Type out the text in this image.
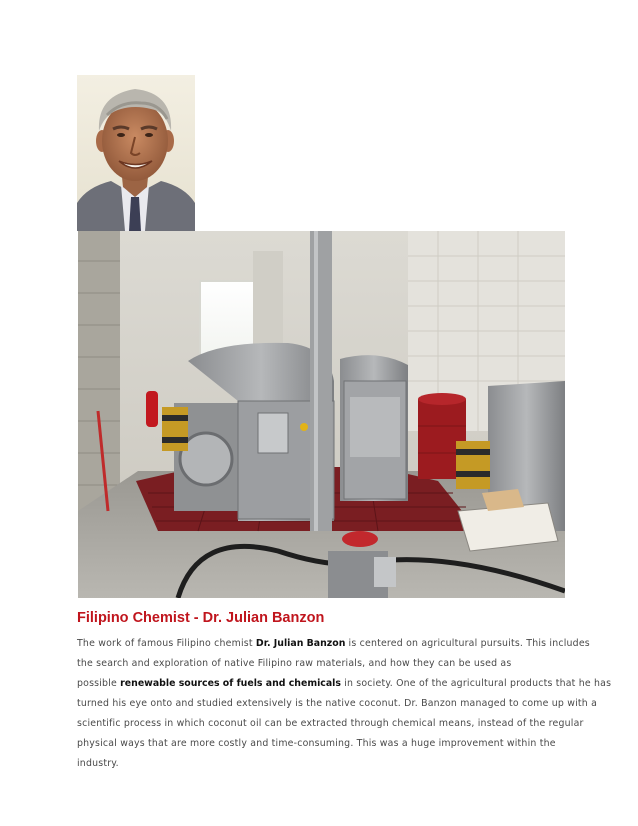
Filipino Chemist - Dr. Julian Banzon

The work of famous Filipino chemist Dr. Julian Banzon is centered on agricultural pursuits. This includes
the search and exploration of native Filipino raw materials, and how they can be used as
possible renewable sources of fuels and chemicals in society. One of the agricultural products that he has
turned his eye onto and studied extensively is the native coconut. Dr. Banzon managed to come up with a
scientific process in which coconut oil can be extracted through chemical means, instead of the regular
physical ways that are more costly and time-consuming. This was a huge improvement within the
industry.
